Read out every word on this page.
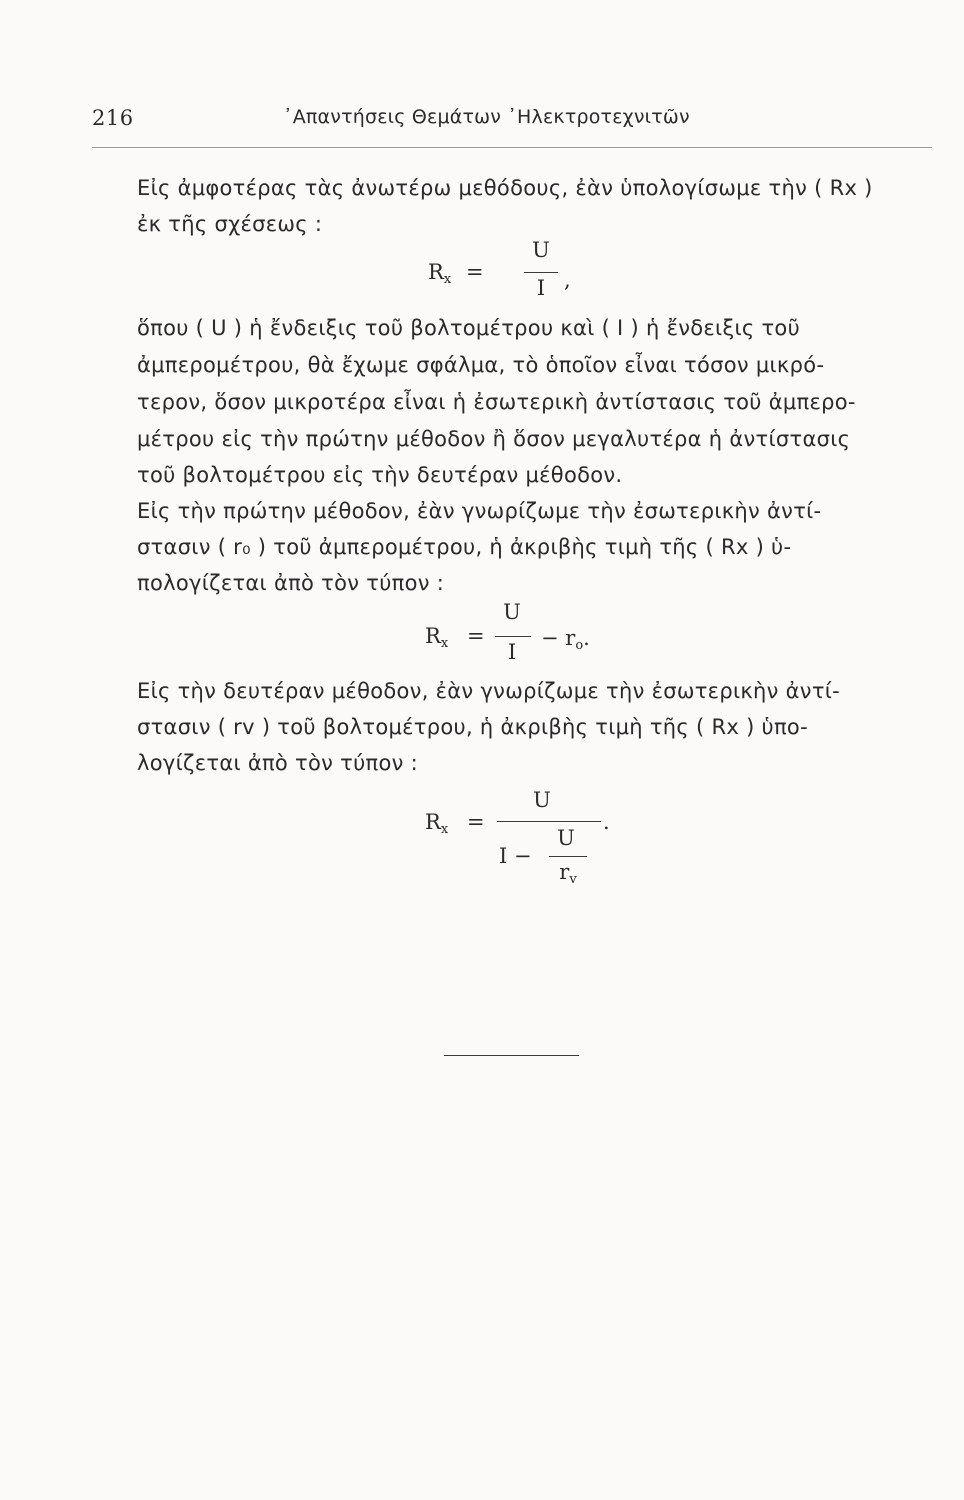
216	᾿Απαντήσεις Θεμάτων ᾿Ηλεκτροτεχνιτῶν
Εἰς ἀμφοτέρας τὰς ἀνωτέρω μεθόδους, ἐὰν ὑπολογίσωμε τὴν ( Rx )
ἐκ τῆς σχέσεως :
$R_x$ =
U
I ,
ὅπου ( U ) ἡ ἔνδειξις τοῦ βολτομέτρου καὶ ( I ) ἡ ἔνδειξις τοῦ
ἀμπερομέτρου, θὰ ἔχωμε σφάλμα, τὸ ὁποῖον εἶναι τόσον μικρό-
τερον, ὅσον μικροτέρα εἶναι ἡ ἐσωτερικὴ ἀντίστασις τοῦ ἀμπερο-
μέτρου εἰς τὴν πρώτην μέθοδον ἢ ὅσον μεγαλυτέρα ἡ ἀντίστασις
τοῦ βολτομέτρου εἰς τὴν δευτέραν μέθοδον.
Εἰς τὴν πρώτην μέθοδον, ἐὰν γνωρίζωμε τὴν ἐσωτερικὴν ἀντί-
στασιν ( r₀ ) τοῦ ἀμπερομέτρου, ἡ ἀκριβὴς τιμὴ τῆς ( Rx ) ὑ-
πολογίζεται ἀπὸ τὸν τύπον :
$R_x$ =
U
I
− $r_o$.
Εἰς τὴν δευτέραν μέθοδον, ἐὰν γνωρίζωμε τὴν ἐσωτερικὴν ἀντί-
στασιν ( rv ) τοῦ βολτομέτρου, ἡ ἀκριβὴς τιμὴ τῆς ( Rx ) ὑπο-
λογίζεται ἀπὸ τὸν τύπον :
$R_x$ =
U
.
I −
U
$r_v$
